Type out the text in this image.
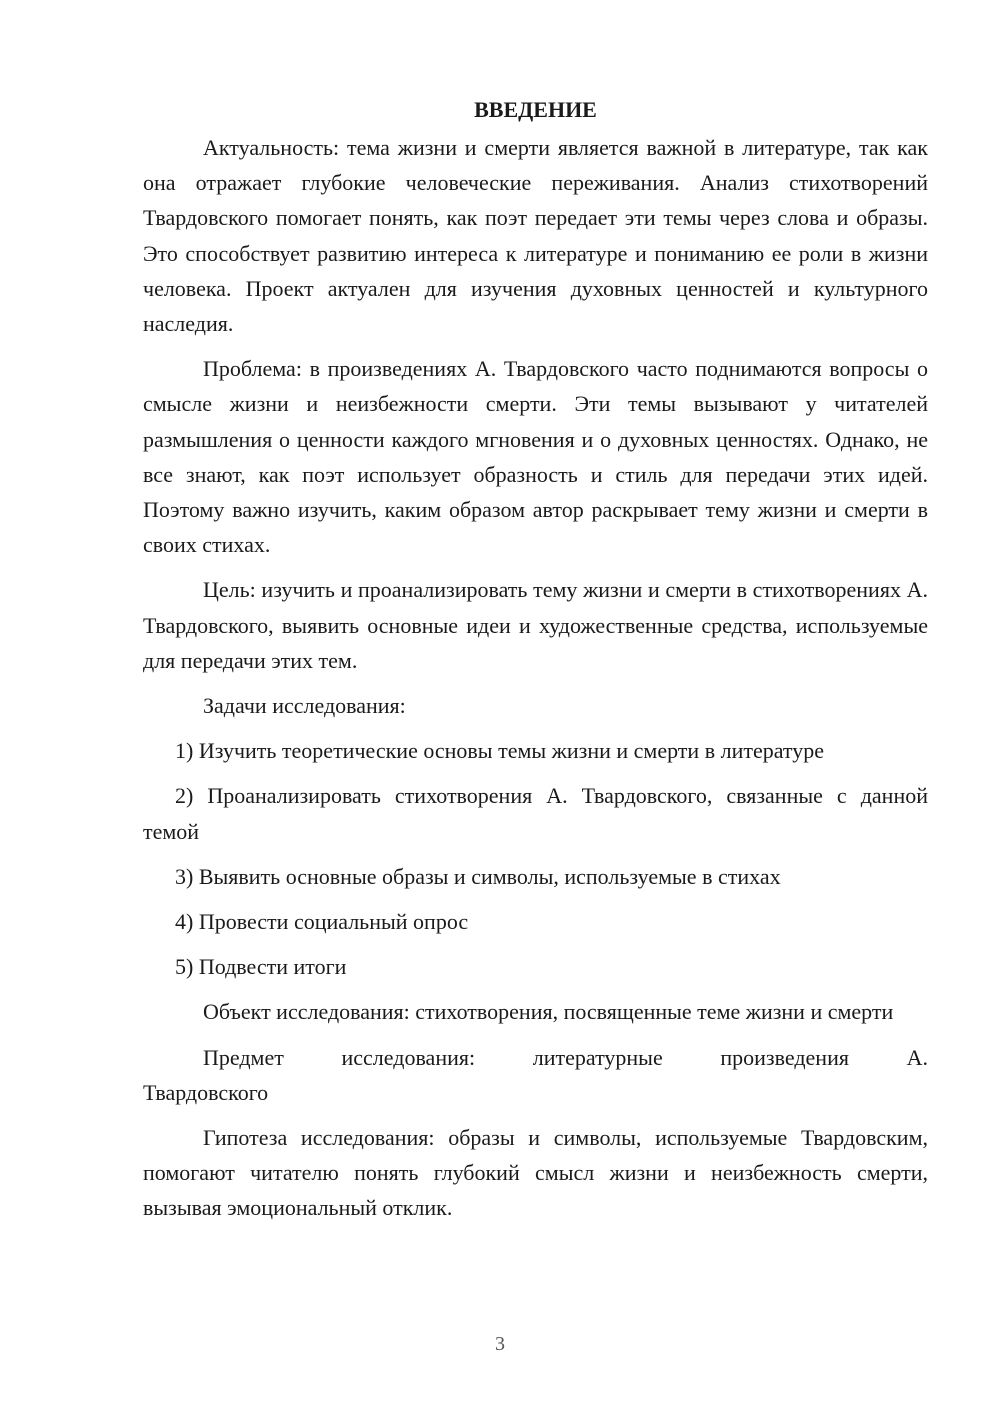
ВВЕДЕНИЕ

Актуальность: тема жизни и смерти является важной в литературе, так как она отражает глубокие человеческие переживания. Анализ стихотворений Твардовского помогает понять, как поэт передает эти темы через слова и образы. Это способствует развитию интереса к литературе и пониманию ее роли в жизни человека. Проект актуален для изучения духовных ценностей и культурного наследия.

Проблема: в произведениях А. Твардовского часто поднимаются вопросы о смысле жизни и неизбежности смерти. Эти темы вызывают у читателей размышления о ценности каждого мгновения и о духовных ценностях. Однако, не все знают, как поэт использует образность и стиль для передачи этих идей. Поэтому важно изучить, каким образом автор раскрывает тему жизни и смерти в своих стихах.

Цель: изучить и проанализировать тему жизни и смерти в стихотворениях А. Твардовского, выявить основные идеи и художественные средства, используемые для передачи этих тем.

Задачи исследования:

1) Изучить теоретические основы темы жизни и смерти в литературе

2) Проанализировать стихотворения А. Твардовского, связанные с данной темой

3) Выявить основные образы и символы, используемые в стихах

4) Провести социальный опрос

5) Подвести итоги

Объект исследования: стихотворения, посвященные теме жизни и смерти

Предмет исследования: литературные произведения А.

Твардовского

Гипотеза исследования: образы и символы, используемые Твардовским, помогают читателю понять глубокий смысл жизни и неизбежность смерти, вызывая эмоциональный отклик.

3
